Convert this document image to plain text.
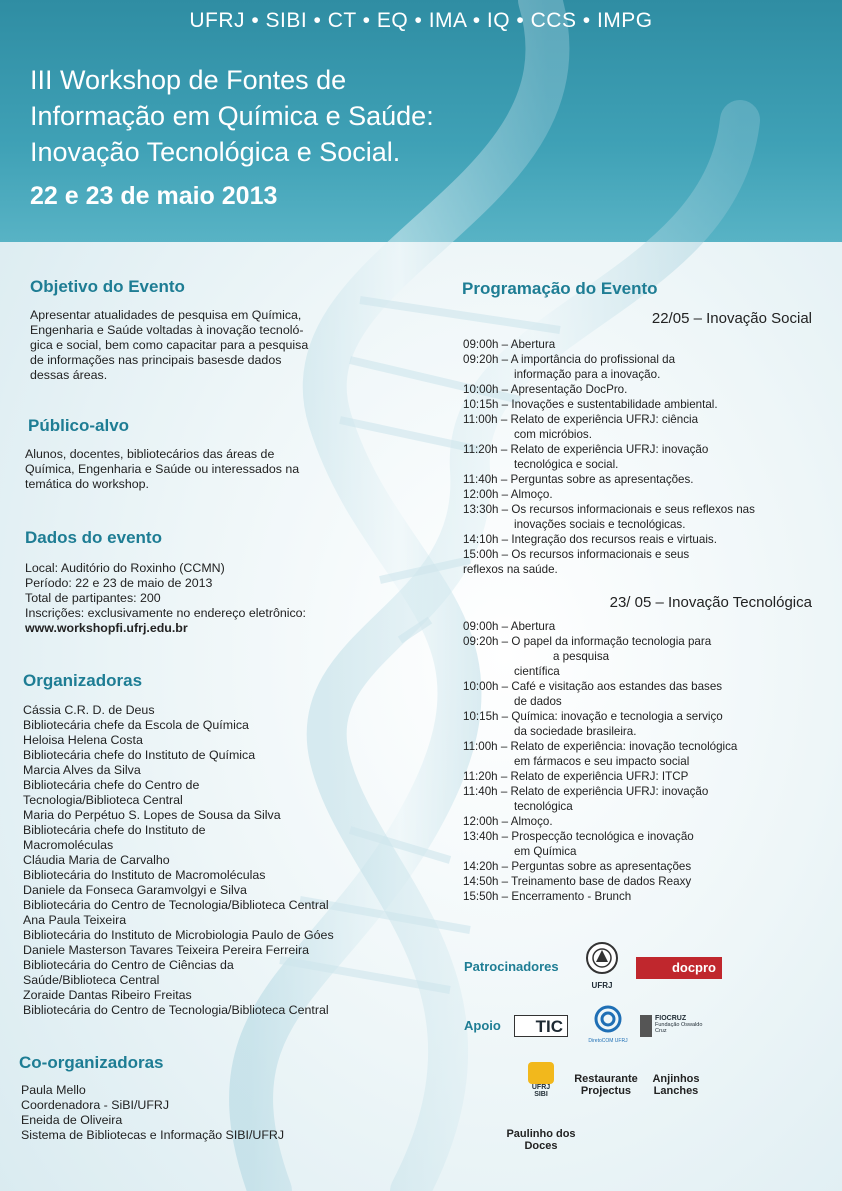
UFRJ • SIBI • CT • EQ • IMA • IQ • CCS • IMPG
III Workshop de Fontes de
Informação em Química e Saúde:
Inovação Tecnológica e Social.
22 e 23 de maio 2013
Objetivo do Evento
Apresentar atualidades de pesquisa em Química,
Engenharia e Saúde voltadas à inovação tecnoló-
gica e social, bem como capacitar para a pesquisa
de informações nas principais basesde dados
dessas áreas.
Público-alvo
Alunos, docentes, bibliotecários das áreas de
Química, Engenharia e Saúde ou interessados na
temática do workshop.
Dados do evento
Local: Auditório do Roxinho (CCMN)
Período: 22 e 23 de maio de 2013
Total de partipantes: 200
Inscrições: exclusivamente no endereço eletrônico:
www.workshopfi.ufrj.edu.br
Organizadoras

Cássia C.R. D. de Deus

Bibliotecária chefe da Escola de Química

Heloisa Helena Costa

Bibliotecária chefe do Instituto de Química

Marcia Alves da Silva

Bibliotecária chefe do Centro de

Tecnologia/Biblioteca Central

Maria do Perpétuo S. Lopes de Sousa da Silva

Bibliotecária chefe do Instituto de

Macromoléculas

Cláudia Maria de Carvalho

Bibliotecária do Instituto de Macromoléculas

Daniele da Fonseca Garamvolgyi e Silva

Bibliotecária do Centro de Tecnologia/Biblioteca Central

Ana Paula Teixeira

Bibliotecária do Instituto de Microbiologia Paulo de Góes

Daniele Masterson Tavares Teixeira Pereira Ferreira

Bibliotecária do Centro de Ciências da

Saúde/Biblioteca Central

Zoraide Dantas Ribeiro Freitas

Bibliotecária do Centro de Tecnologia/Biblioteca Central

Co-organizadoras

Paula Mello

Coordenadora - SiBI/UFRJ

Eneida de Oliveira

Sistema de Bibliotecas e Informação SIBI/UFRJ

Programação do Evento
22/05 – Inovação Social
09:00h – Abertura
09:20h – A importância do profissional da
informação para a inovação.
10:00h – Apresentação DocPro.
10:15h – Inovações e sustentabilidade ambiental.
11:00h – Relato de experiência UFRJ: ciência
com micróbios.
11:20h – Relato de experiência UFRJ: inovação
tecnológica e social.
11:40h – Perguntas sobre as apresentações.
12:00h – Almoço.
13:30h – Os recursos informacionais e seus reflexos nas
inovações sociais e tecnológicas.
14:10h – Integração dos recursos reais e virtuais.
15:00h – Os recursos informacionais e seus
reflexos na saúde.
23/ 05 – Inovação Tecnológica
09:00h – Abertura
09:20h – O papel da informação tecnologia para
a pesquisa
científica
10:00h – Café e visitação aos estandes das bases
de dados
10:15h – Química: inovação e tecnologia a serviço
da sociedade brasileira.
11:00h – Relato de experiência: inovação tecnológica
em fármacos e seu impacto social
11:20h – Relato de experiência UFRJ: ITCP
11:40h – Relato de experiência UFRJ: inovação
tecnológica
12:00h – Almoço.
13:40h – Prospecção tecnológica e inovação
em Química
14:20h – Perguntas sobre as apresentações
14:50h – Treinamento base de dados Reaxy
15:50h – Encerramento - Brunch
Patrocinadores
UFRJ
docpro
Apoio	TIC
DiretoCOM UFRJ
FIOCRUZ
Fundação Oswaldo Cruz
UFRJ
SIBI
Restaurante
Projectus
Anjinhos
Lanches
Paulinho dos
Doces
